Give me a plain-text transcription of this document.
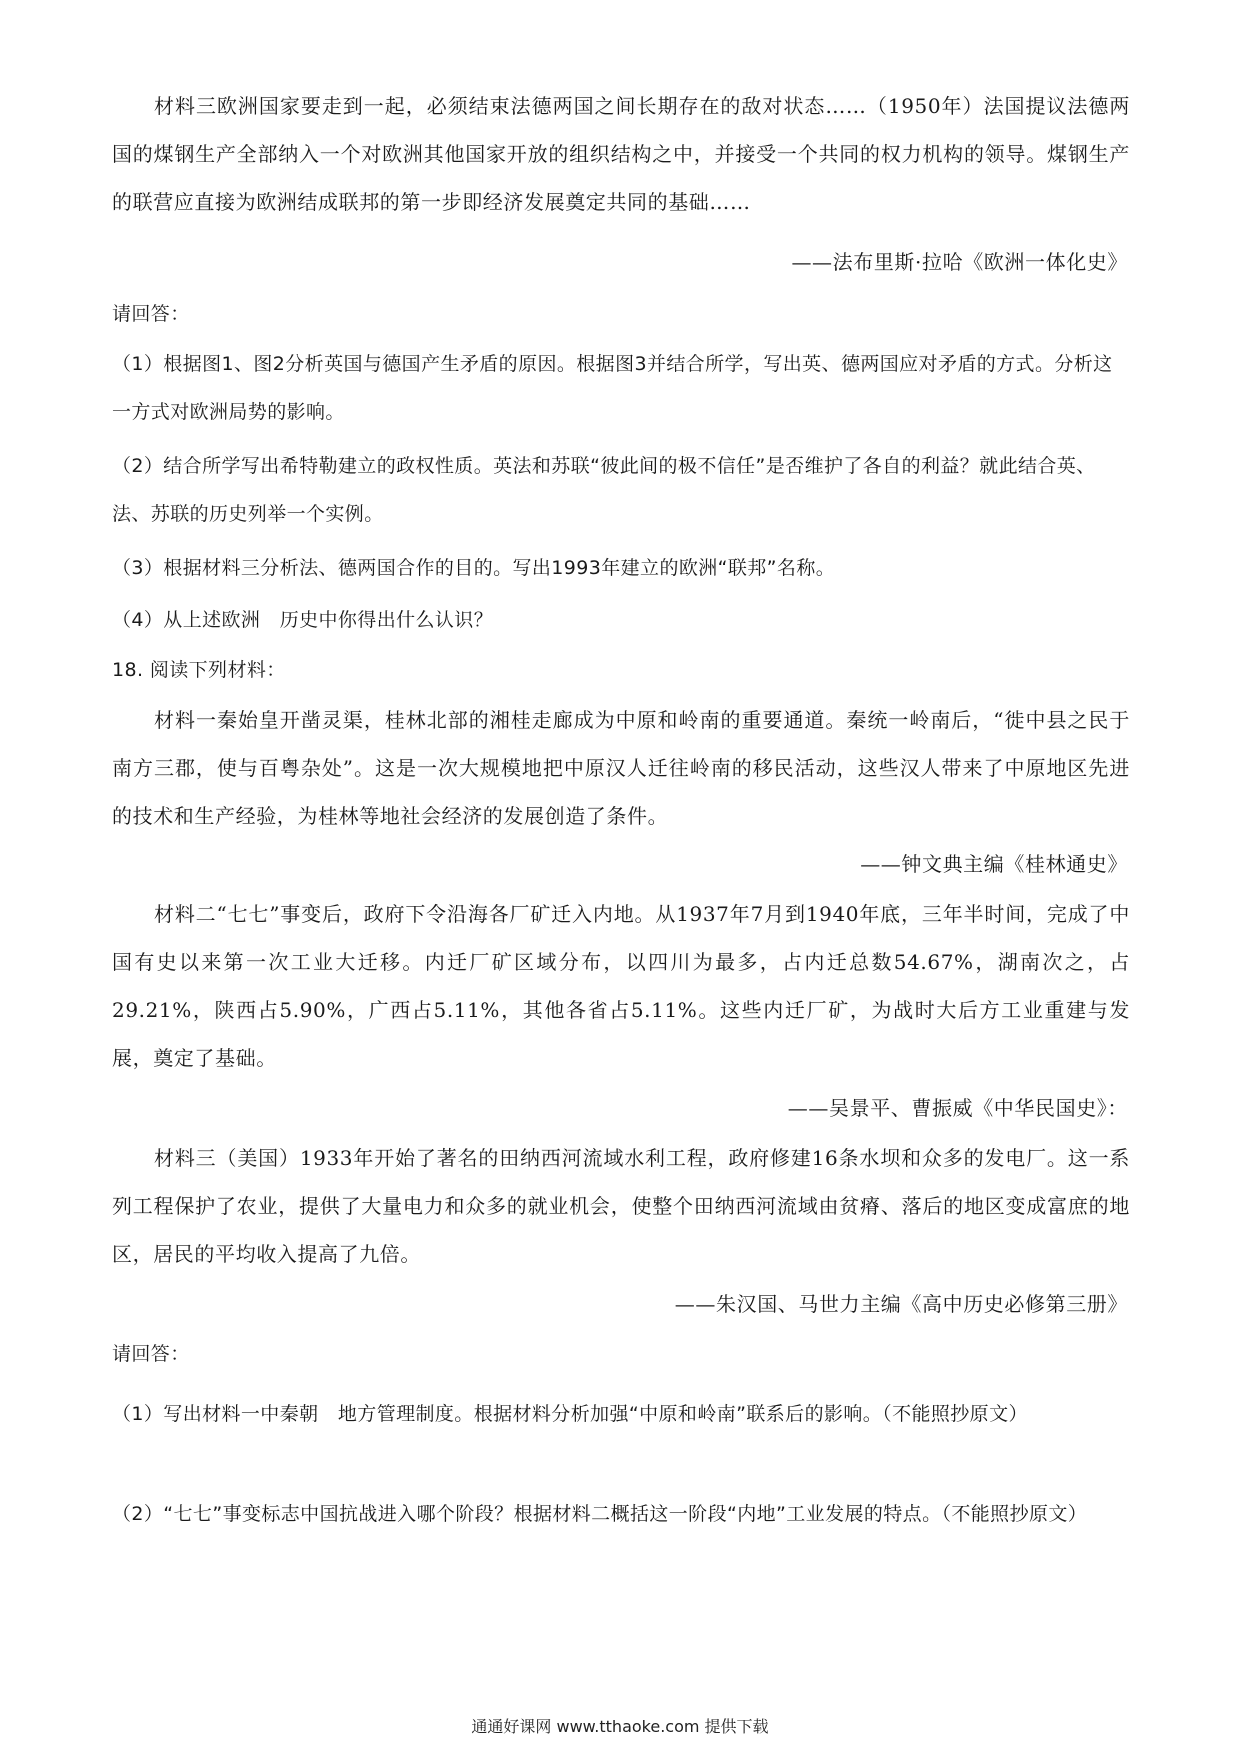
材料三欧洲国家要走到一起，必须结束法德两国之间长期存在的敌对状态……（1950年）法国提议法德两国的煤钢生产全部纳入一个对欧洲其他国家开放的组织结构之中，并接受一个共同的权力机构的领导。煤钢生产的联营应直接为欧洲结成联邦的第一步即经济发展奠定共同的基础……

——法布里斯·拉哈《欧洲一体化史》

请回答：

（1）根据图1、图2分析英国与德国产生矛盾的原因。根据图3并结合所学，写出英、德两国应对矛盾的方式。分析这一方式对欧洲局势的影响。

（2）结合所学写出希特勒建立的政权性质。英法和苏联“彼此间的极不信任”是否维护了各自的利益？就此结合英、法、苏联的历史列举一个实例。

（3）根据材料三分析法、德两国合作的目的。写出1993年建立的欧洲“联邦”名称。

（4）从上述欧洲　历史中你得出什么认识？

18. 阅读下列材料：

材料一秦始皇开凿灵渠，桂林北部的湘桂走廊成为中原和岭南的重要通道。秦统一岭南后，“徙中县之民于南方三郡，使与百粤杂处”。这是一次大规模地把中原汉人迁往岭南的移民活动，这些汉人带来了中原地区先进的技术和生产经验，为桂林等地社会经济的发展创造了条件。

——钟文典主编《桂林通史》

材料二“七七”事变后，政府下令沿海各厂矿迁入内地。从1937年7月到1940年底，三年半时间，完成了中国有史以来第一次工业大迁移。内迁厂矿区域分布，以四川为最多，占内迁总数54.67%，湖南次之，占29.21%，陕西占5.90%，广西占5.11%，其他各省占5.11%。这些内迁厂矿，为战时大后方工业重建与发展，奠定了基础。

——吴景平、曹振威《中华民国史》：

材料三（美国）1933年开始了著名的田纳西河流域水利工程，政府修建16条水坝和众多的发电厂。这一系列工程保护了农业，提供了大量电力和众多的就业机会，使整个田纳西河流域由贫瘠、落后的地区变成富庶的地区，居民的平均收入提高了九倍。

——朱汉国、马世力主编《高中历史必修第三册》

请回答：

（1）写出材料一中秦朝　地方管理制度。根据材料分析加强“中原和岭南”联系后的影响。（不能照抄原文）

（2）“七七”事变标志中国抗战进入哪个阶段？根据材料二概括这一阶段“内地”工业发展的特点。（不能照抄原文）

通通好课网 www.tthaoke.com 提供下载
